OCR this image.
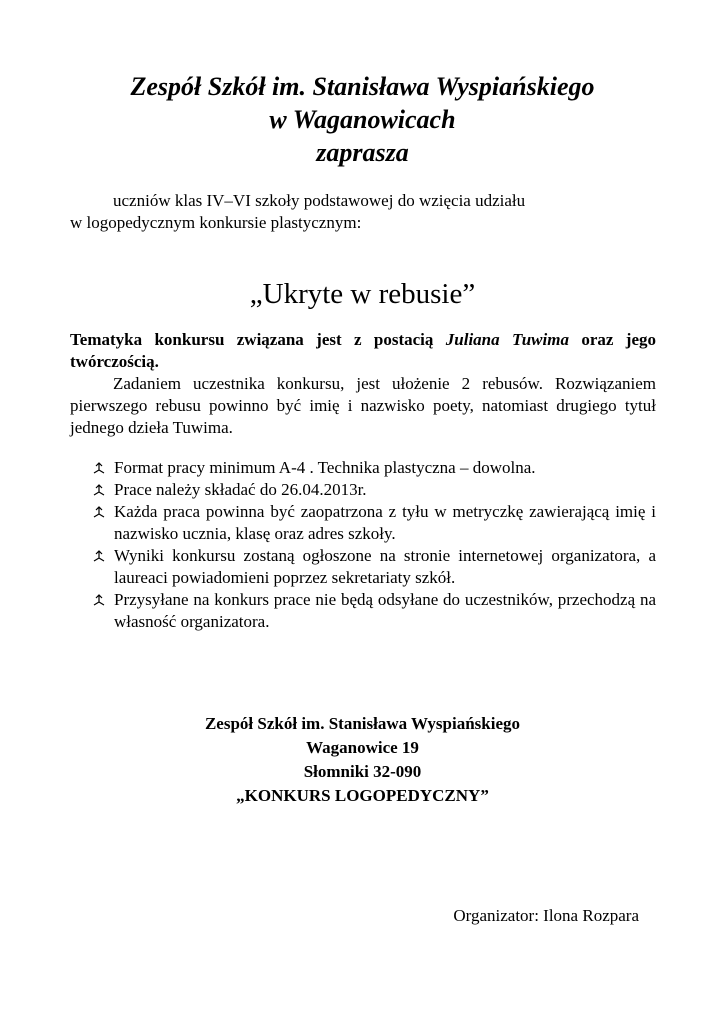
Zespół Szkół im. Stanisława Wyspiańskiego
w Waganowicach
zaprasza
uczniów klas IV–VI szkoły podstawowej do wzięcia udziału
w logopedycznym konkursie plastycznym:
„Ukryte w rebusie”

Tematyka konkursu związana jest z postacią Juliana Tuwima oraz jego twórczością.

Zadaniem uczestnika konkursu, jest ułożenie 2 rebusów. Rozwiązaniem pierwszego rebusu powinno być imię i nazwisko poety, natomiast drugiego tytuł jednego dzieła Tuwima.

Format pracy minimum A-4 . Technika plastyczna – dowolna.
Prace należy składać do 26.04.2013r.
Każda praca powinna być zaopatrzona z tyłu w metryczkę zawierającą imię i nazwisko ucznia, klasę oraz adres szkoły.
Wyniki konkursu zostaną ogłoszone na stronie internetowej organizatora, a laureaci powiadomieni poprzez sekretariaty szkół.
Przysyłane na konkurs prace nie będą odsyłane do uczestników, przechodzą na własność organizatora.
Zespół Szkół im. Stanisława Wyspiańskiego
Waganowice 19
Słomniki 32-090
„KONKURS LOGOPEDYCZNY”
Organizator: Ilona Rozpara
